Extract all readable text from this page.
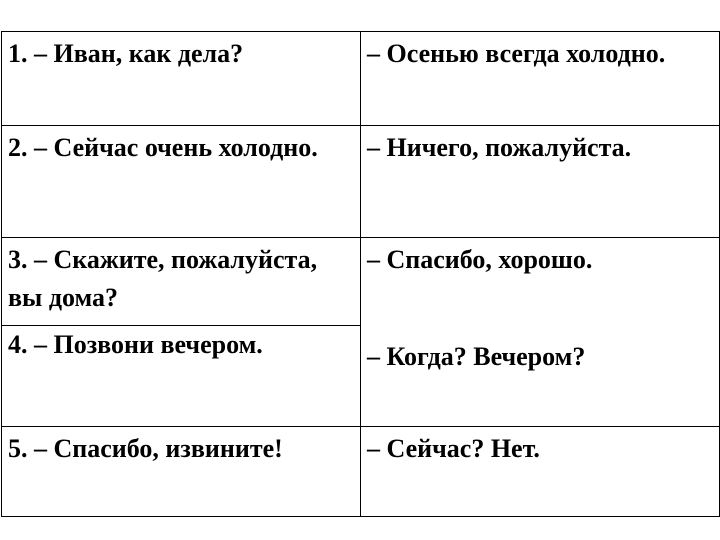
1. – Иван, как дела?	– Осенью всегда холодно.
2. – Сейчас очень холодно.	– Ничего, пожалуйста.
3. – Скажите, пожалуйста, вы дома?	– Спасибо, хорошо.
4. – Позвони вечером.	– Когда? Вечером?
5. – Спасибо, извините!	– Сейчас? Нет.
